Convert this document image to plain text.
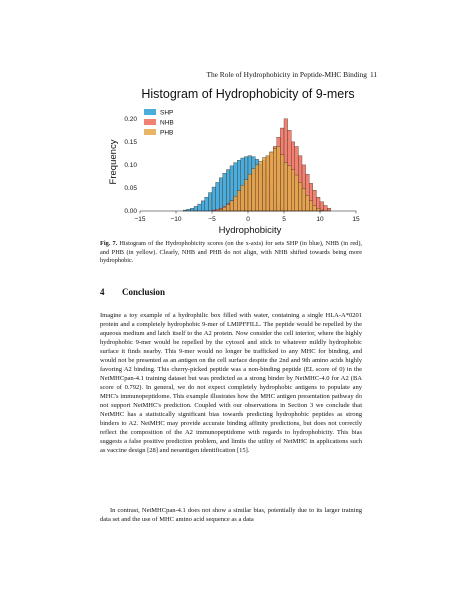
The Role of Hydrophobicity in Peptide-MHC Binding 11
Histogram of Hydrophobicity of 9-mers
−15	−10	−5	0	5	10	15
0.00
0.05
0.10
0.15
0.20
Hydrophobicity
Frequency
SHP
NHB
PHB
Fig. 7. Histogram of the Hydrophobicity scores (on the x-axis) for sets SHP (in blue), NHB (in red), and PHB (in yellow). Clearly, NHB and PHB do not align, with NHB shifted towards being more hydrophobic.
4 Conclusion
Imagine a toy example of a hydrophilic box filled with water, containing a single HLA-A*0201 protein and a completely hydrophobic 9-mer of LMIPFFILL. The peptide would be repelled by the aqueous medium and latch itself to the A2 protein. Now consider the cell interior, where the highly hydrophobic 9-mer would be repelled by the cytosol and stick to whatever mildly hydrophobic surface it finds nearby. This 9-mer would no longer be trafficked to any MHC for binding, and would not be presented as an antigen on the cell surface despite the 2nd and 9th amino acids highly favoring A2 binding. This cherry-picked peptide was a non-binding peptide (EL score of 0) in the NetMHCpan-4.1 training dataset but was predicted as a strong binder by NetMHC-4.0 for A2 (BA score of 0.792). In general, we do not expect completely hydrophobic antigens to populate any MHC's immunopeptidome. This example illustrates how the MHC antigen presentation pathway do not support NetMHC's prediction. Coupled with our observations in Section 3 we conclude that NetMHC has a statistically significant bias towards predicting hydrophobic peptides as strong binders to A2. NetMHC may provide accurate binding affinity predictions, but does not correctly reflect the composition of the A2 immunopeptidome with regards to hydrophobicity. This bias suggests a false positive prediction problem, and limits the utility of NetMHC in applications such as vaccine design [28] and neoantigen identification [15].
In contrast, NetMHCpan-4.1 does not show a similar bias, potentially due to its larger training data set and the use of MHC amino acid sequence as a data
